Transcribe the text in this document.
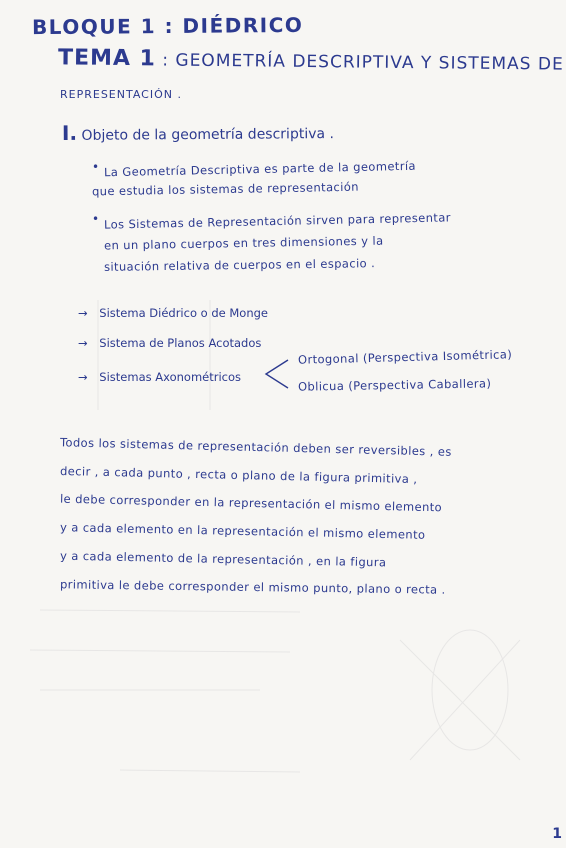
BLOQUE 1 : DIÉDRICO
TEMA 1 : GEOMETRÍA DESCRIPTIVA Y SISTEMAS DE
REPRESENTACIÓN .
I. Objeto de la geometría descriptiva .
• La Geometría Descriptiva es parte de la geometría
que estudia los sistemas de representación
• Los Sistemas de Representación sirven para representar
en un plano cuerpos en tres dimensiones y la
situación relativa de cuerpos en el espacio .
→ Sistema Diédrico o de Monge
→ Sistema de Planos Acotados
→ Sistemas Axonométricos
Ortogonal (Perspectiva Isométrica)
Oblicua (Perspectiva Caballera)
Todos los sistemas de representación deben ser reversibles , es
decir , a cada punto , recta o plano de la figura primitiva ,
le debe corresponder en la representación el mismo elemento
y a cada elemento en la representación el mismo elemento
y a cada elemento de la representación , en la figura
primitiva le debe corresponder el mismo punto, plano o recta .
1
